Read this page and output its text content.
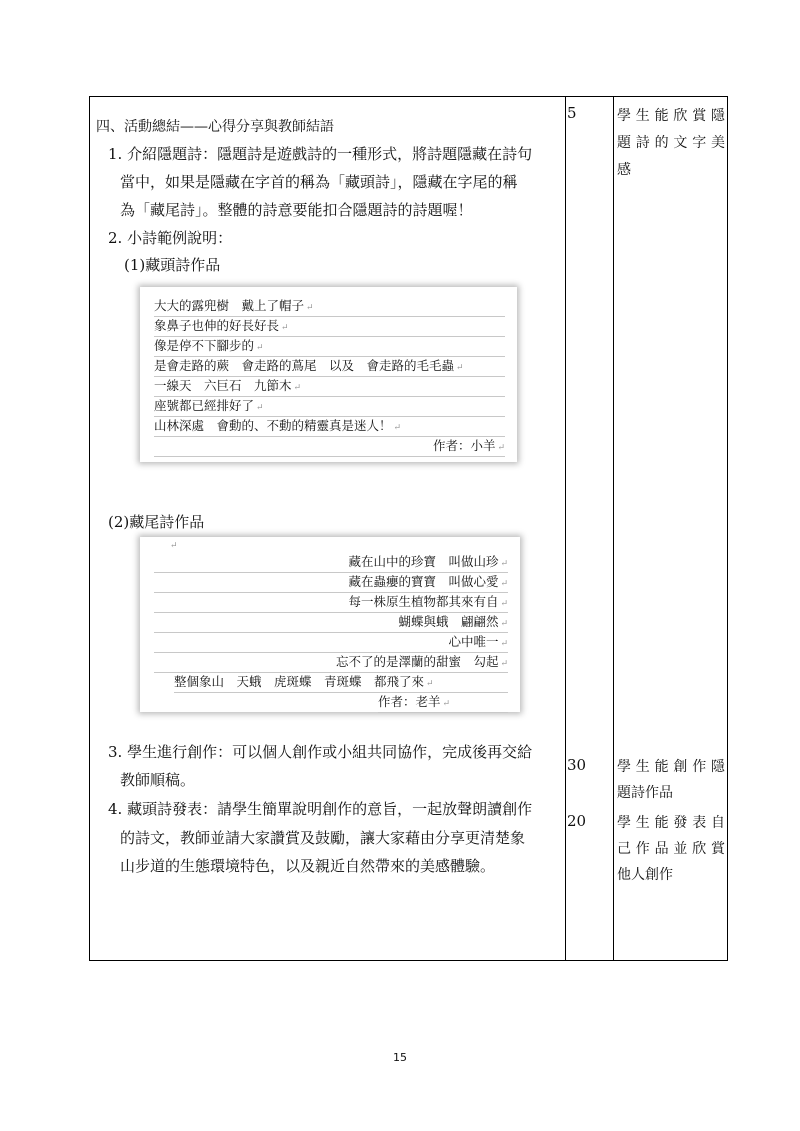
四、活動總結——心得分享與教師結語
1. 介紹隱題詩：隱題詩是遊戲詩的一種形式，將詩題隱藏在詩句
當中，如果是隱藏在字首的稱為「藏頭詩」，隱藏在字尾的稱
為「藏尾詩」。整體的詩意要能扣合隱題詩的詩題喔！
2. 小詩範例說明：
(1)藏頭詩作品
大大的露兜樹　戴上了帽子 ↵
象鼻子也伸的好長好長 ↵
像是停不下腳步的 ↵
是會走路的蕨　會走路的蔦尾　以及　會走路的毛毛蟲 ↵
一線天　六巨石　九節木 ↵
座號都已經排好了 ↵
山林深處　會動的、不動的精靈真是迷人！ ↵
作者：小羊 ↵
(2)藏尾詩作品
↵
藏在山中的珍寶　叫做山珍 ↵
藏在蟲癭的寶寶　叫做心愛 ↵
每一株原生植物都其來有自 ↵
蝴蝶與蛾　翩翩然 ↵
心中唯一 ↵
忘不了的是澤蘭的甜蜜　勾起 ↵
整個象山　天蛾　虎斑蝶　青斑蝶　都飛了來 ↵
作者：老羊 ↵
3. 學生進行創作：可以個人創作或小組共同協作，完成後再交給
教師順稿。
4. 藏頭詩發表：請學生簡單說明創作的意旨，一起放聲朗讀創作
的詩文，教師並請大家讚賞及鼓勵，讓大家藉由分享更清楚象
山步道的生態環境特色，以及親近自然帶來的美感體驗。
5
30
20
學生能欣賞隱
題詩的文字美
感
學生能創作隱
題詩作品
學生能發表自
己作品並欣賞
他人創作
15
